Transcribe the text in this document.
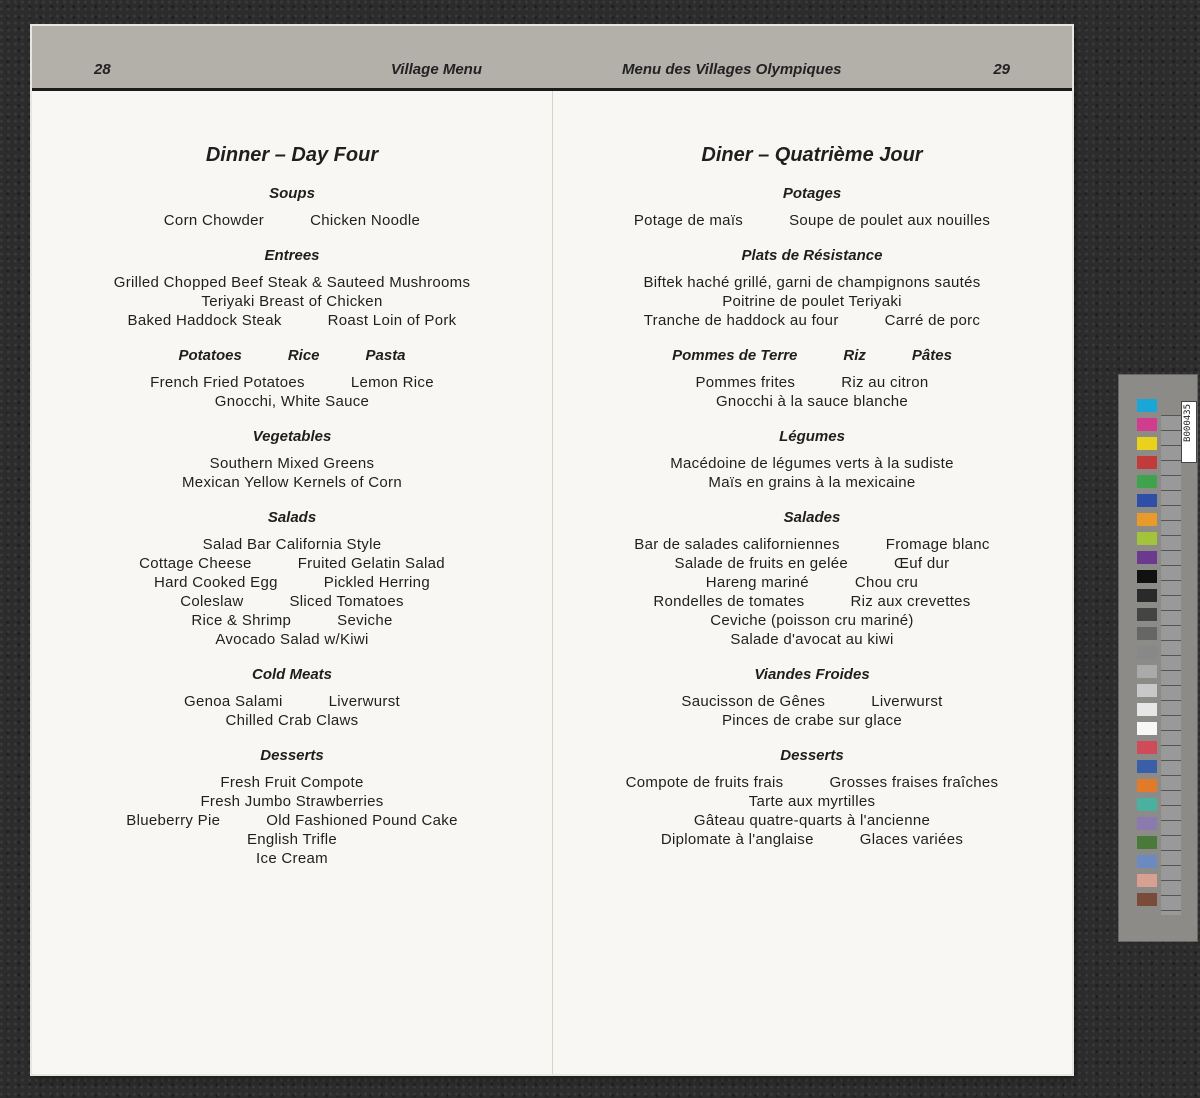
28	Village Menu
Dinner – Day Four
Soups
Corn Chowder	Chicken Noodle
Entrees
Grilled Chopped Beef Steak & Sauteed Mushrooms
Teriyaki Breast of Chicken
Baked Haddock Steak	Roast Loin of Pork
Potatoes	Rice	Pasta
French Fried Potatoes	Lemon Rice
Gnocchi, White Sauce
Vegetables
Southern Mixed Greens
Mexican Yellow Kernels of Corn
Salads
Salad Bar California Style
Cottage Cheese	Fruited Gelatin Salad
Hard Cooked Egg	Pickled Herring
Coleslaw	Sliced Tomatoes
Rice & Shrimp	Seviche
Avocado Salad w/Kiwi
Cold Meats
Genoa Salami	Liverwurst
Chilled Crab Claws
Desserts
Fresh Fruit Compote
Fresh Jumbo Strawberries
Blueberry Pie	Old Fashioned Pound Cake
English Trifle
Ice Cream
Menu des Villages Olympiques	29
Diner – Quatrième Jour
Potages
Potage de maïs	Soupe de poulet aux nouilles
Plats de Résistance
Biftek haché grillé, garni de champignons sautés
Poitrine de poulet Teriyaki
Tranche de haddock au four	Carré de porc
Pommes de Terre	Riz	Pâtes
Pommes frites	Riz au citron
Gnocchi à la sauce blanche
Légumes
Macédoine de légumes verts à la sudiste
Maïs en grains à la mexicaine
Salades
Bar de salades californiennes	Fromage blanc
Salade de fruits en gelée	Œuf dur
Hareng mariné	Chou cru
Rondelles de tomates	Riz aux crevettes
Ceviche (poisson cru mariné)
Salade d'avocat au kiwi
Viandes Froides
Saucisson de Gênes	Liverwurst
Pinces de crabe sur glace
Desserts
Compote de fruits frais	Grosses fraises fraîches
Tarte aux myrtilles
Gâteau quatre-quarts à l'ancienne
Diplomate à l'anglaise	Glaces variées
B000435
